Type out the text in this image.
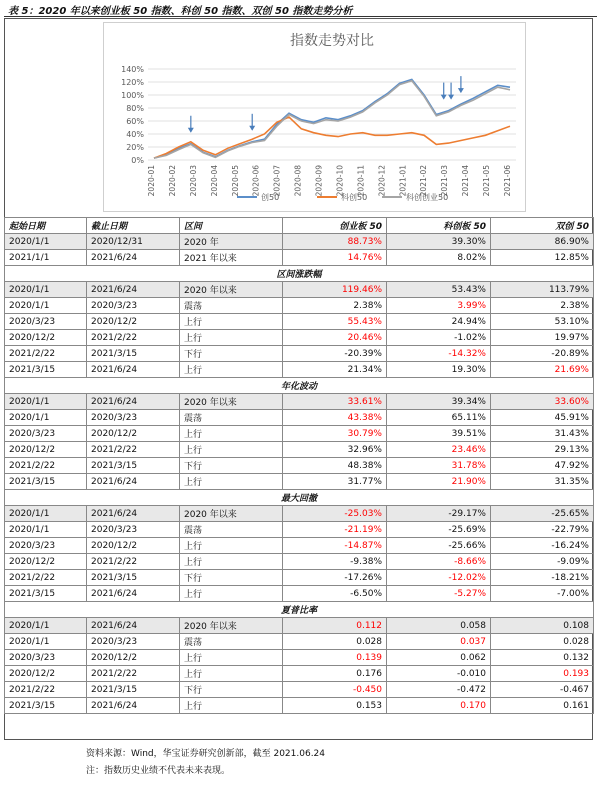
表 5：2020 年以来创业板 50 指数、科创 50 指数、双创 50 指数走势分析
指数走势对比
0%
20%
40%
60%
80%
100%
120%
140%
2020-01 2020-02 2020-03 2020-04 2020-05 2020-06 2020-07 2020-08 2020-09 2020-10 2020-11 2020-12 2021-01 2021-02 2021-03 2021-04 2021-05 2021-06
创50	科创50	科创创业50
起始日期	截止日期	区间	创业板 50	科创板 50	双创 50
2020/1/1	2020/12/31	2020 年	88.73%	39.30%	86.90%
2021/1/1	2021/6/24	2021 年以来	14.76%	8.02%	12.85%
区间涨跌幅					
2020/1/1	2021/6/24	2020 年以来	119.46%	53.43%	113.79%
2020/1/1	2020/3/23	震荡	2.38%	3.99%	2.38%
2020/3/23	2020/12/2	上行	55.43%	24.94%	53.10%
2020/12/2	2021/2/22	上行	20.46%	-1.02%	19.97%
2021/2/22	2021/3/15	下行	-20.39%	-14.32%	-20.89%
2021/3/15	2021/6/24	上行	21.34%	19.30%	21.69%
年化波动					
2020/1/1	2021/6/24	2020 年以来	33.61%	39.34%	33.60%
2020/1/1	2020/3/23	震荡	43.38%	65.11%	45.91%
2020/3/23	2020/12/2	上行	30.79%	39.51%	31.43%
2020/12/2	2021/2/22	上行	32.96%	23.46%	29.13%
2021/2/22	2021/3/15	下行	48.38%	31.78%	47.92%
2021/3/15	2021/6/24	上行	31.77%	21.90%	31.35%
最大回撤					
2020/1/1	2021/6/24	2020 年以来	-25.03%	-29.17%	-25.65%
2020/1/1	2020/3/23	震荡	-21.19%	-25.69%	-22.79%
2020/3/23	2020/12/2	上行	-14.87%	-25.66%	-16.24%
2020/12/2	2021/2/22	上行	-9.38%	-8.66%	-9.09%
2021/2/22	2021/3/15	下行	-17.26%	-12.02%	-18.21%
2021/3/15	2021/6/24	上行	-6.50%	-5.27%	-7.00%
夏普比率					
2020/1/1	2021/6/24	2020 年以来	0.112	0.058	0.108
2020/1/1	2020/3/23	震荡	0.028	0.037	0.028
2020/3/23	2020/12/2	上行	0.139	0.062	0.132
2020/12/2	2021/2/22	上行	0.176	-0.010	0.193
2021/2/22	2021/3/15	下行	-0.450	-0.472	-0.467
2021/3/15	2021/6/24	上行	0.153	0.170	0.161
资料来源：Wind，华宝证券研究创新部，截至 2021.06.24
注：指数历史业绩不代表未来表现。
